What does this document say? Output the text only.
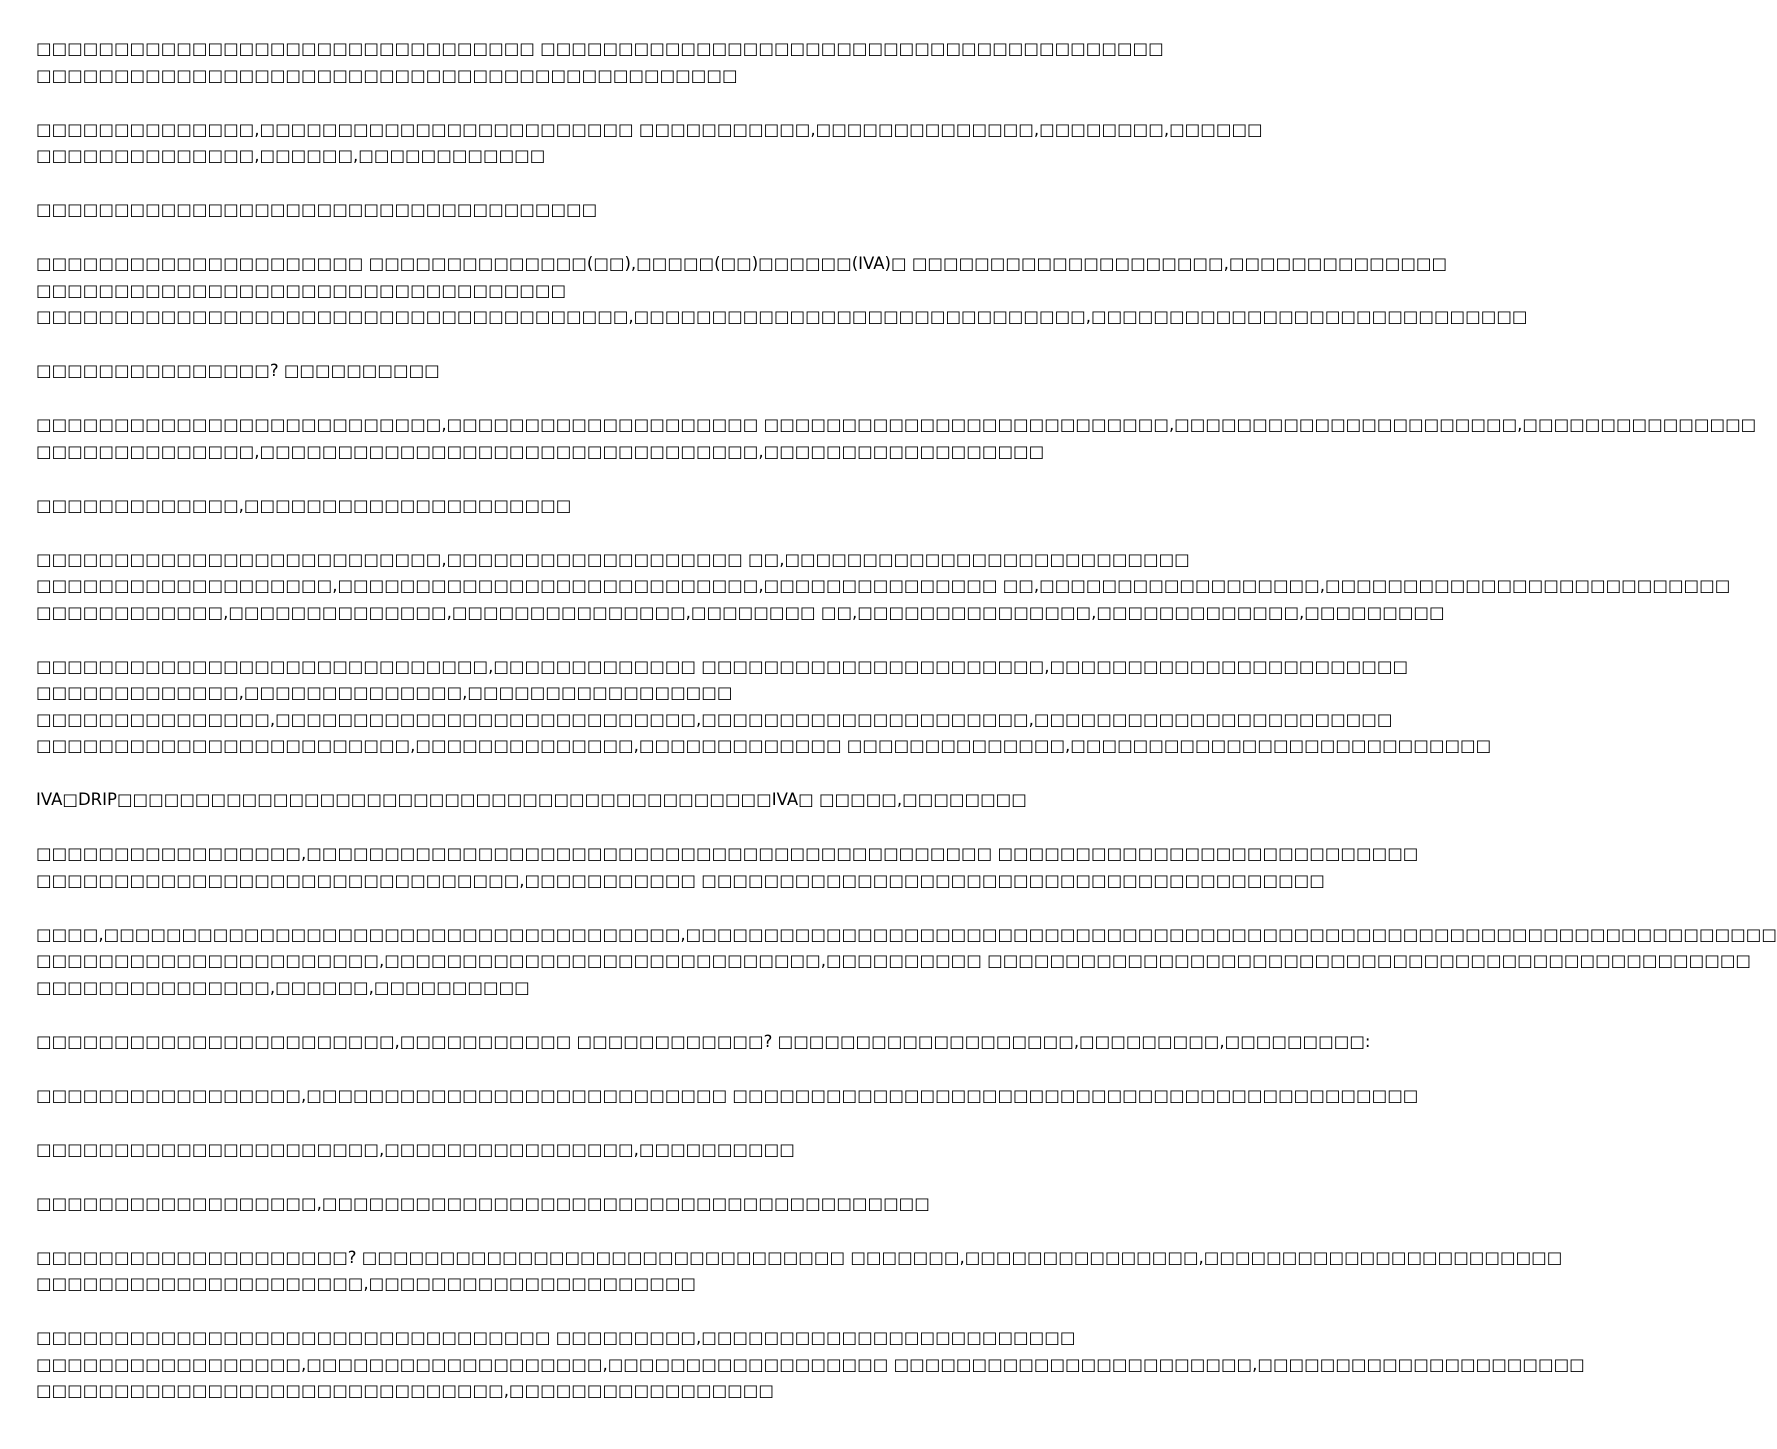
□□□□□□□□□□□□□□□□□□□□□□□□□□□□□□□□ □□□□□□□□□□□□□□□□□□□□□□□□□□□□□□□□□□□□□□□□
□□□□□□□□□□□□□□□□□□□□□□□□□□□□□□□□□□□□□□□□□□□□□
□□□□□□□□□□□□□□,□□□□□□□□□□□□□□□□□□□□□□□□ □□□□□□□□□□□,□□□□□□□□□□□□□□,□□□□□□□□,□□□□□□
□□□□□□□□□□□□□□,□□□□□□,□□□□□□□□□□□□
□□□□□□□□□□□□□□□□□□□□□□□□□□□□□□□□□□□□
□□□□□□□□□□□□□□□□□□□□□ □□□□□□□□□□□□□□(□□),□□□□□(□□)□□□□□□(IVA)□ □□□□□□□□□□□□□□□□□□□□,□□□□□□□□□□□□□□
□□□□□□□□□□□□□□□□□□□□□□□□□□□□□□□□□□
□□□□□□□□□□□□□□□□□□□□□□□□□□□□□□□□□□□□□□,□□□□□□□□□□□□□□□□□□□□□□□□□□□□□,□□□□□□□□□□□□□□□□□□□□□□□□□□□□
□□□□□□□□□□□□□□□? □□□□□□□□□□
□□□□□□□□□□□□□□□□□□□□□□□□□□,□□□□□□□□□□□□□□□□□□□□ □□□□□□□□□□□□□□□□□□□□□□□□□□,□□□□□□□□□□□□□□□□□□□□□□,□□□□□□□□□□□□□□□
□□□□□□□□□□□□□□,□□□□□□□□□□□□□□□□□□□□□□□□□□□□□□□□,□□□□□□□□□□□□□□□□□□
□□□□□□□□□□□□□,□□□□□□□□□□□□□□□□□□□□□
□□□□□□□□□□□□□□□□□□□□□□□□□□,□□□□□□□□□□□□□□□□□□□ □□,□□□□□□□□□□□□□□□□□□□□□□□□□□
□□□□□□□□□□□□□□□□□□□,□□□□□□□□□□□□□□□□□□□□□□□□□□□,□□□□□□□□□□□□□□□ □□,□□□□□□□□□□□□□□□□□□,□□□□□□□□□□□□□□□□□□□□□□□□□□
□□□□□□□□□□□□,□□□□□□□□□□□□□□,□□□□□□□□□□□□□□□,□□□□□□□□ □□,□□□□□□□□□□□□□□□,□□□□□□□□□□□□□,□□□□□□□□□
□□□□□□□□□□□□□□□□□□□□□□□□□□□□□,□□□□□□□□□□□□□ □□□□□□□□□□□□□□□□□□□□□□,□□□□□□□□□□□□□□□□□□□□□□□
□□□□□□□□□□□□□,□□□□□□□□□□□□□□,□□□□□□□□□□□□□□□□□
□□□□□□□□□□□□□□□,□□□□□□□□□□□□□□□□□□□□□□□□□□□,□□□□□□□□□□□□□□□□□□□□□,□□□□□□□□□□□□□□□□□□□□□□□
□□□□□□□□□□□□□□□□□□□□□□□□,□□□□□□□□□□□□□□,□□□□□□□□□□□□□ □□□□□□□□□□□□□□,□□□□□□□□□□□□□□□□□□□□□□□□□□□
IVA□DRIP□□□□□□□□□□□□□□□□□□□□□□□□□□□□□□□□□□□□□□□□□□IVA□ □□□□□,□□□□□□□□
□□□□□□□□□□□□□□□□□,□□□□□□□□□□□□□□□□□□□□□□□□□□□□□□□□□□□□□□□□□□□□ □□□□□□□□□□□□□□□□□□□□□□□□□□□
□□□□□□□□□□□□□□□□□□□□□□□□□□□□□□□,□□□□□□□□□□□ □□□□□□□□□□□□□□□□□□□□□□□□□□□□□□□□□□□□□□□□
□□□□,□□□□□□□□□□□□□□□□□□□□□□□□□□□□□□□□□□□□□,□□□□□□□□□□□□□□□□□□□□□□□□□□□□□□□□□□□□□□□□□□□□□□□□□□□□□□□□□□□□□□□□□□□□□□
□□□□□□□□□□□□□□□□□□□□□□,□□□□□□□□□□□□□□□□□□□□□□□□□□□□,□□□□□□□□□□ □□□□□□□□□□□□□□□□□□□□□□□□□□□□□□□□□□□□□□□□□□□□□□□□□
□□□□□□□□□□□□□□□,□□□□□□,□□□□□□□□□□
□□□□□□□□□□□□□□□□□□□□□□□,□□□□□□□□□□□ □□□□□□□□□□□□? □□□□□□□□□□□□□□□□□□□,□□□□□□□□□,□□□□□□□□□:
□□□□□□□□□□□□□□□□□,□□□□□□□□□□□□□□□□□□□□□□□□□□□ □□□□□□□□□□□□□□□□□□□□□□□□□□□□□□□□□□□□□□□□□□□□
□□□□□□□□□□□□□□□□□□□□□□,□□□□□□□□□□□□□□□□,□□□□□□□□□□
□□□□□□□□□□□□□□□□□□,□□□□□□□□□□□□□□□□□□□□□□□□□□□□□□□□□□□□□□□
□□□□□□□□□□□□□□□□□□□□? □□□□□□□□□□□□□□□□□□□□□□□□□□□□□□□ □□□□□□□,□□□□□□□□□□□□□□□,□□□□□□□□□□□□□□□□□□□□□□□
□□□□□□□□□□□□□□□□□□□□□,□□□□□□□□□□□□□□□□□□□□□
□□□□□□□□□□□□□□□□□□□□□□□□□□□□□□□□□ □□□□□□□□□,□□□□□□□□□□□□□□□□□□□□□□□□
□□□□□□□□□□□□□□□□□,□□□□□□□□□□□□□□□□□□□,□□□□□□□□□□□□□□□□□□ □□□□□□□□□□□□□□□□□□□□□□□,□□□□□□□□□□□□□□□□□□□□□
□□□□□□□□□□□□□□□□□□□□□□□□□□□□□□,□□□□□□□□□□□□□□□□□
